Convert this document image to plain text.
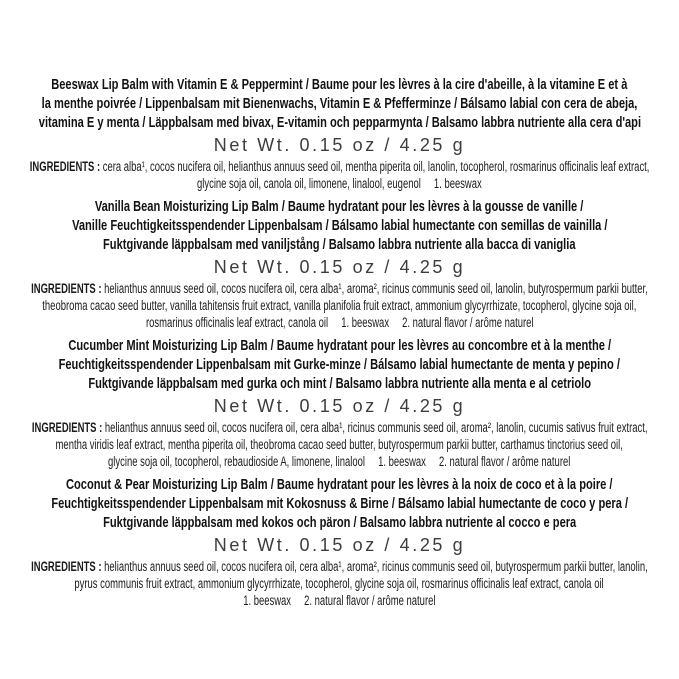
Beeswax Lip Balm with Vitamin E & Peppermint / Baume pour les lèvres à la cire d'abeille, à la vitamine E et à
la menthe poivrée / Lippenbalsam mit Bienenwachs, Vitamin E & Pfefferminze / Bálsamo labial con cera de abeja,
vitamina E y menta / Läppbalsam med bivax, E-vitamin och pepparmynta / Balsamo labbra nutriente alla cera d'api
Net Wt. 0.15 oz / 4.25 g
INGREDIENTS : cera alba¹, cocos nucifera oil, helianthus annuus seed oil, mentha piperita oil, lanolin, tocopherol, rosmarinus officinalis leaf extract,
glycine soja oil, canola oil, limonene, linalool, eugenol     1. beeswax
Vanilla Bean Moisturizing Lip Balm / Baume hydratant pour les lèvres à la gousse de vanille /
Vanille Feuchtigkeitsspendender Lippenbalsam / Bálsamo labial humectante con semillas de vainilla /
Fuktgivande läppbalsam med vaniljstång / Balsamo labbra nutriente alla bacca di vaniglia
Net Wt. 0.15 oz / 4.25 g
INGREDIENTS : helianthus annuus seed oil, cocos nucifera oil, cera alba¹, aroma², ricinus communis seed oil, lanolin, butyrospermum parkii butter,
theobroma cacao seed butter, vanilla tahitensis fruit extract, vanilla planifolia fruit extract, ammonium glycyrrhizate, tocopherol, glycine soja oil,
rosmarinus officinalis leaf extract, canola oil     1. beeswax     2. natural flavor / arôme naturel
Cucumber Mint Moisturizing Lip Balm / Baume hydratant pour les lèvres au concombre et à la menthe /
Feuchtigkeitsspendender Lippenbalsam mit Gurke-minze / Bálsamo labial humectante de menta y pepino /
Fuktgivande läppbalsam med gurka och mint / Balsamo labbra nutriente alla menta e al cetriolo
Net Wt. 0.15 oz / 4.25 g
INGREDIENTS : helianthus annuus seed oil, cocos nucifera oil, cera alba¹, ricinus communis seed oil, aroma², lanolin, cucumis sativus fruit extract,
mentha viridis leaf extract, mentha piperita oil, theobroma cacao seed butter, butyrospermum parkii butter, carthamus tinctorius seed oil,
glycine soja oil, tocopherol, rebaudioside A, limonene, linalool     1. beeswax     2. natural flavor / arôme naturel
Coconut & Pear Moisturizing Lip Balm / Baume hydratant pour les lèvres à la noix de coco et à la poire /
Feuchtigkeitsspendender Lippenbalsam mit Kokosnuss & Birne / Bálsamo labial humectante de coco y pera /
Fuktgivande läppbalsam med kokos och päron / Balsamo labbra nutriente al cocco e pera
Net Wt. 0.15 oz / 4.25 g
INGREDIENTS : helianthus annuus seed oil, cocos nucifera oil, cera alba¹, aroma², ricinus communis seed oil, butyrospermum parkii butter, lanolin,
pyrus communis fruit extract, ammonium glycyrrhizate, tocopherol, glycine soja oil, rosmarinus officinalis leaf extract, canola oil
1. beeswax     2. natural flavor / arôme naturel
